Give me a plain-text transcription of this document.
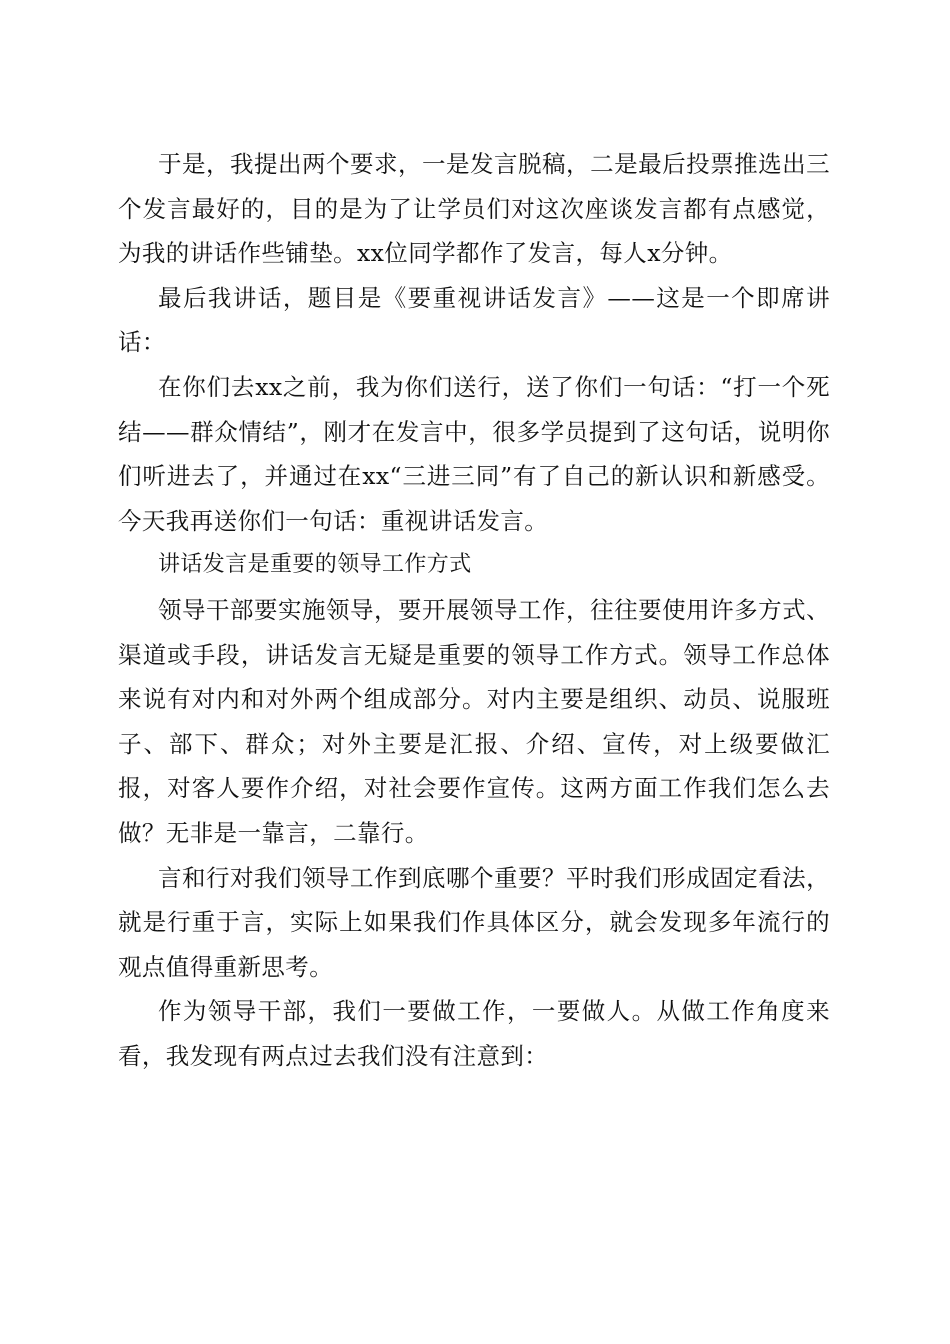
于是，我提出两个要求，一是发言脱稿，二是最后投票推选出三个发言最好的，目的是为了让学员们对这次座谈发言都有点感觉，为我的讲话作些铺垫。xx位同学都作了发言，每人x分钟。

最后我讲话，题目是《要重视讲话发言》——这是一个即席讲话：

在你们去xx之前，我为你们送行，送了你们一句话：“打一个死结——群众情结”，刚才在发言中，很多学员提到了这句话，说明你们听进去了，并通过在xx“三进三同”有了自己的新认识和新感受。今天我再送你们一句话：重视讲话发言。

讲话发言是重要的领导工作方式

领导干部要实施领导，要开展领导工作，往往要使用许多方式、渠道或手段，讲话发言无疑是重要的领导工作方式。领导工作总体来说有对内和对外两个组成部分。对内主要是组织、动员、说服班子、部下、群众；对外主要是汇报、介绍、宣传，对上级要做汇报，对客人要作介绍，对社会要作宣传。这两方面工作我们怎么去做？无非是一靠言，二靠行。

言和行对我们领导工作到底哪个重要？平时我们形成固定看法，就是行重于言，实际上如果我们作具体区分，就会发现多年流行的观点值得重新思考。

作为领导干部，我们一要做工作，一要做人。从做工作角度来看，我发现有两点过去我们没有注意到：
